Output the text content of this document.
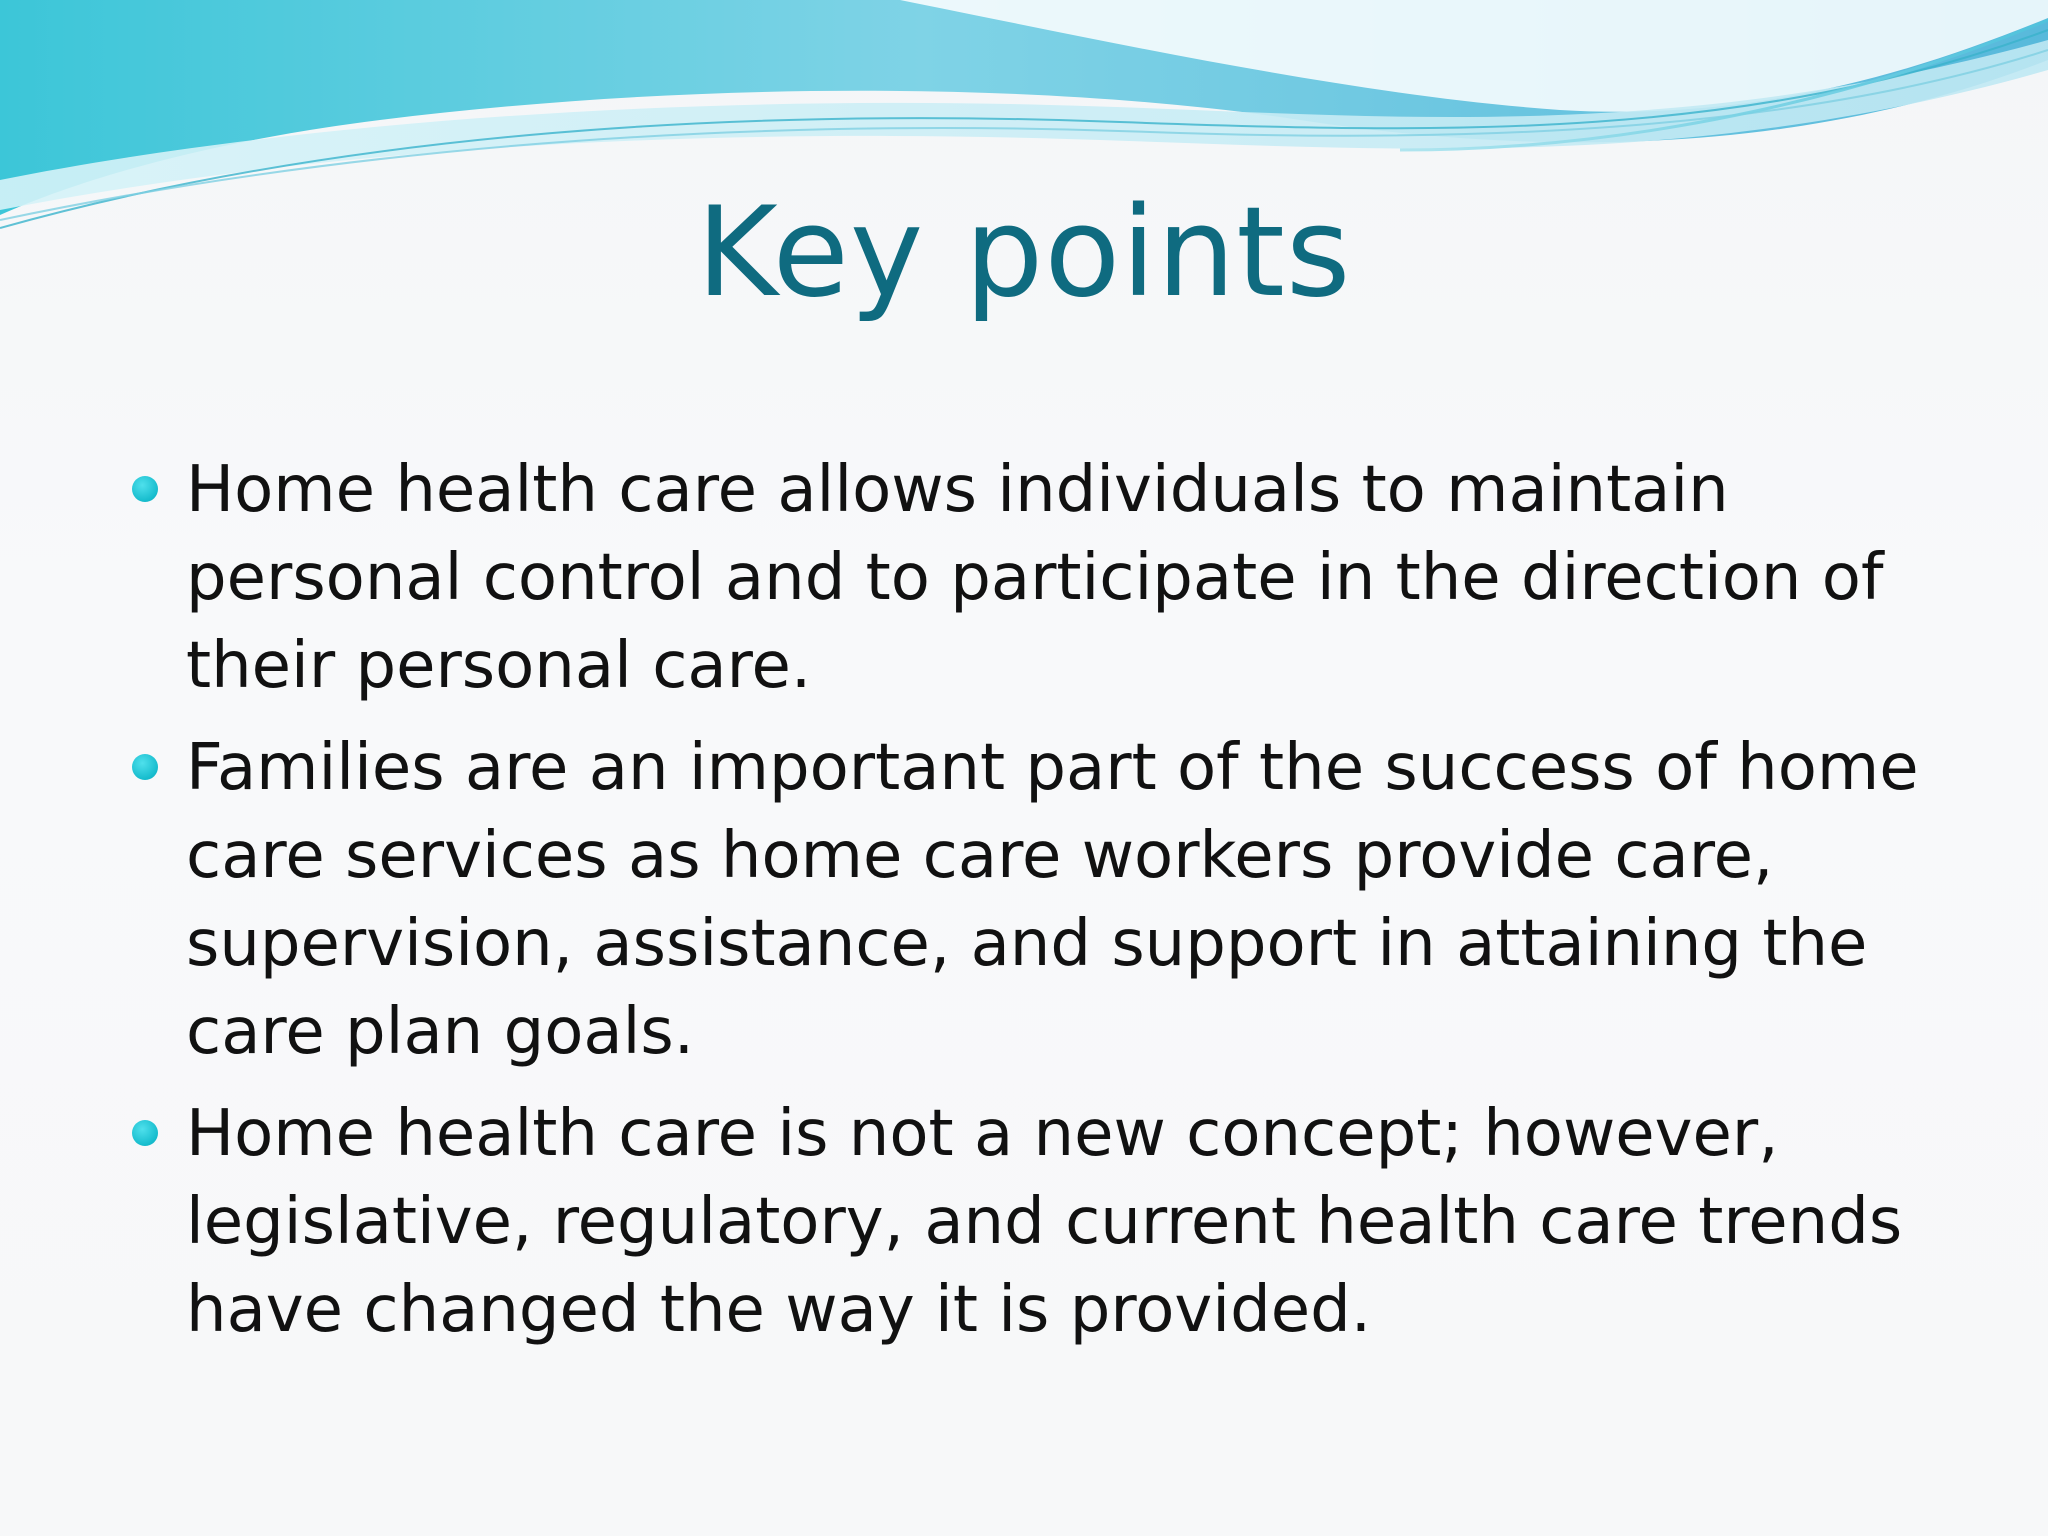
Key points
Home health care allows individuals to maintain personal control and to participate in the direction of their personal care.
Families are an important part of the success of home care services as home care workers provide care, supervision, assistance, and support in attaining the care plan goals.
Home health care is not a new concept; however, legislative, regulatory, and current health care trends have changed the way it is provided.
